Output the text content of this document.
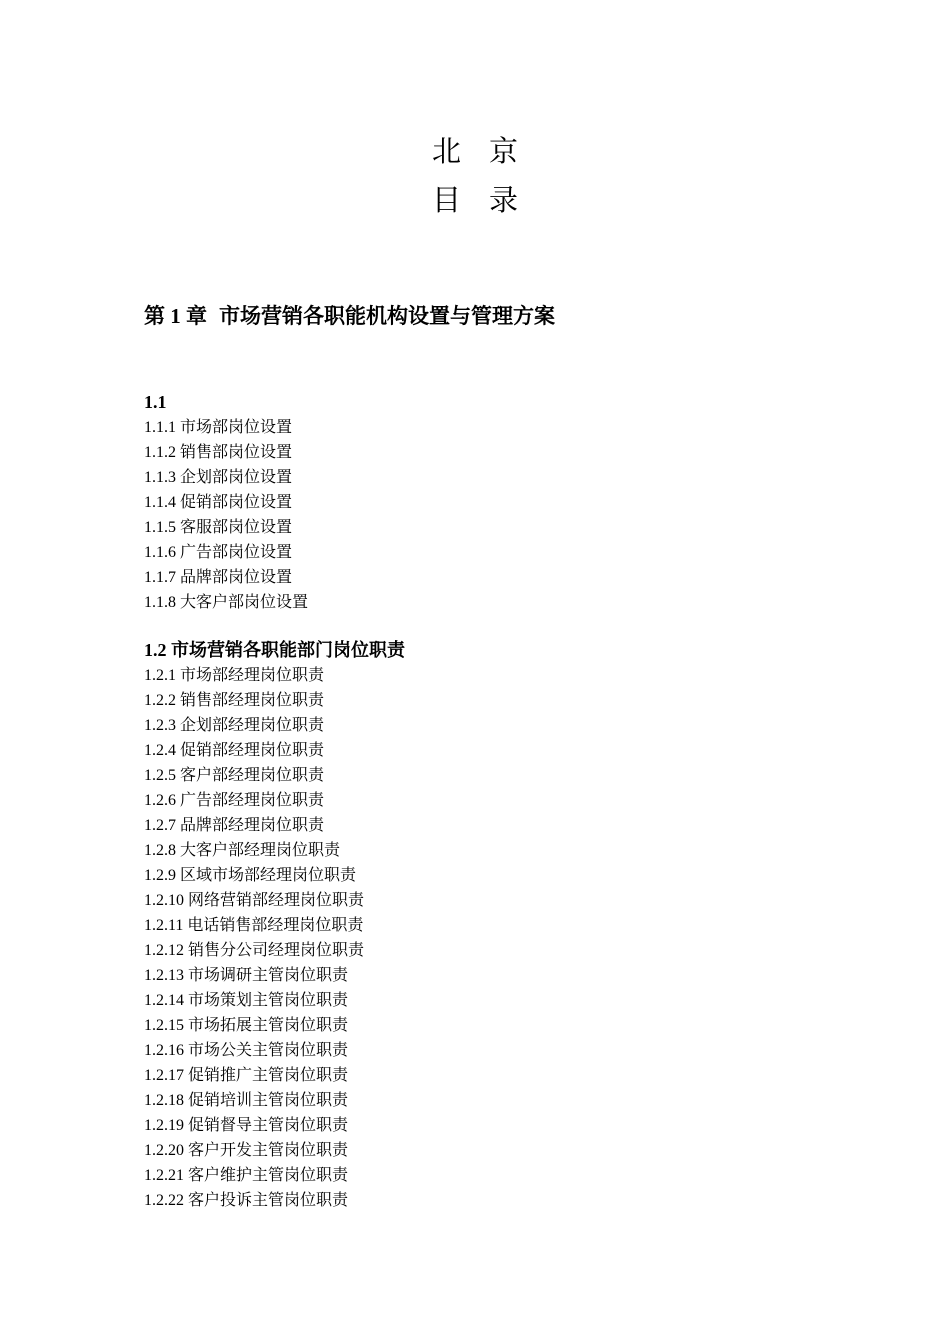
北京
目录
第 1 章 市场营销各职能机构设置与管理方案
1.1
1.1.1 市场部岗位设置
1.1.2 销售部岗位设置
1.1.3 企划部岗位设置
1.1.4 促销部岗位设置
1.1.5 客服部岗位设置
1.1.6 广告部岗位设置
1.1.7 品牌部岗位设置
1.1.8 大客户部岗位设置
1.2 市场营销各职能部门岗位职责
1.2.1 市场部经理岗位职责
1.2.2 销售部经理岗位职责
1.2.3 企划部经理岗位职责
1.2.4 促销部经理岗位职责
1.2.5 客户部经理岗位职责
1.2.6 广告部经理岗位职责
1.2.7 品牌部经理岗位职责
1.2.8 大客户部经理岗位职责
1.2.9 区域市场部经理岗位职责
1.2.10 网络营销部经理岗位职责
1.2.11 电话销售部经理岗位职责
1.2.12 销售分公司经理岗位职责
1.2.13 市场调研主管岗位职责
1.2.14 市场策划主管岗位职责
1.2.15 市场拓展主管岗位职责
1.2.16 市场公关主管岗位职责
1.2.17 促销推广主管岗位职责
1.2.18 促销培训主管岗位职责
1.2.19 促销督导主管岗位职责
1.2.20 客户开发主管岗位职责
1.2.21 客户维护主管岗位职责
1.2.22 客户投诉主管岗位职责
